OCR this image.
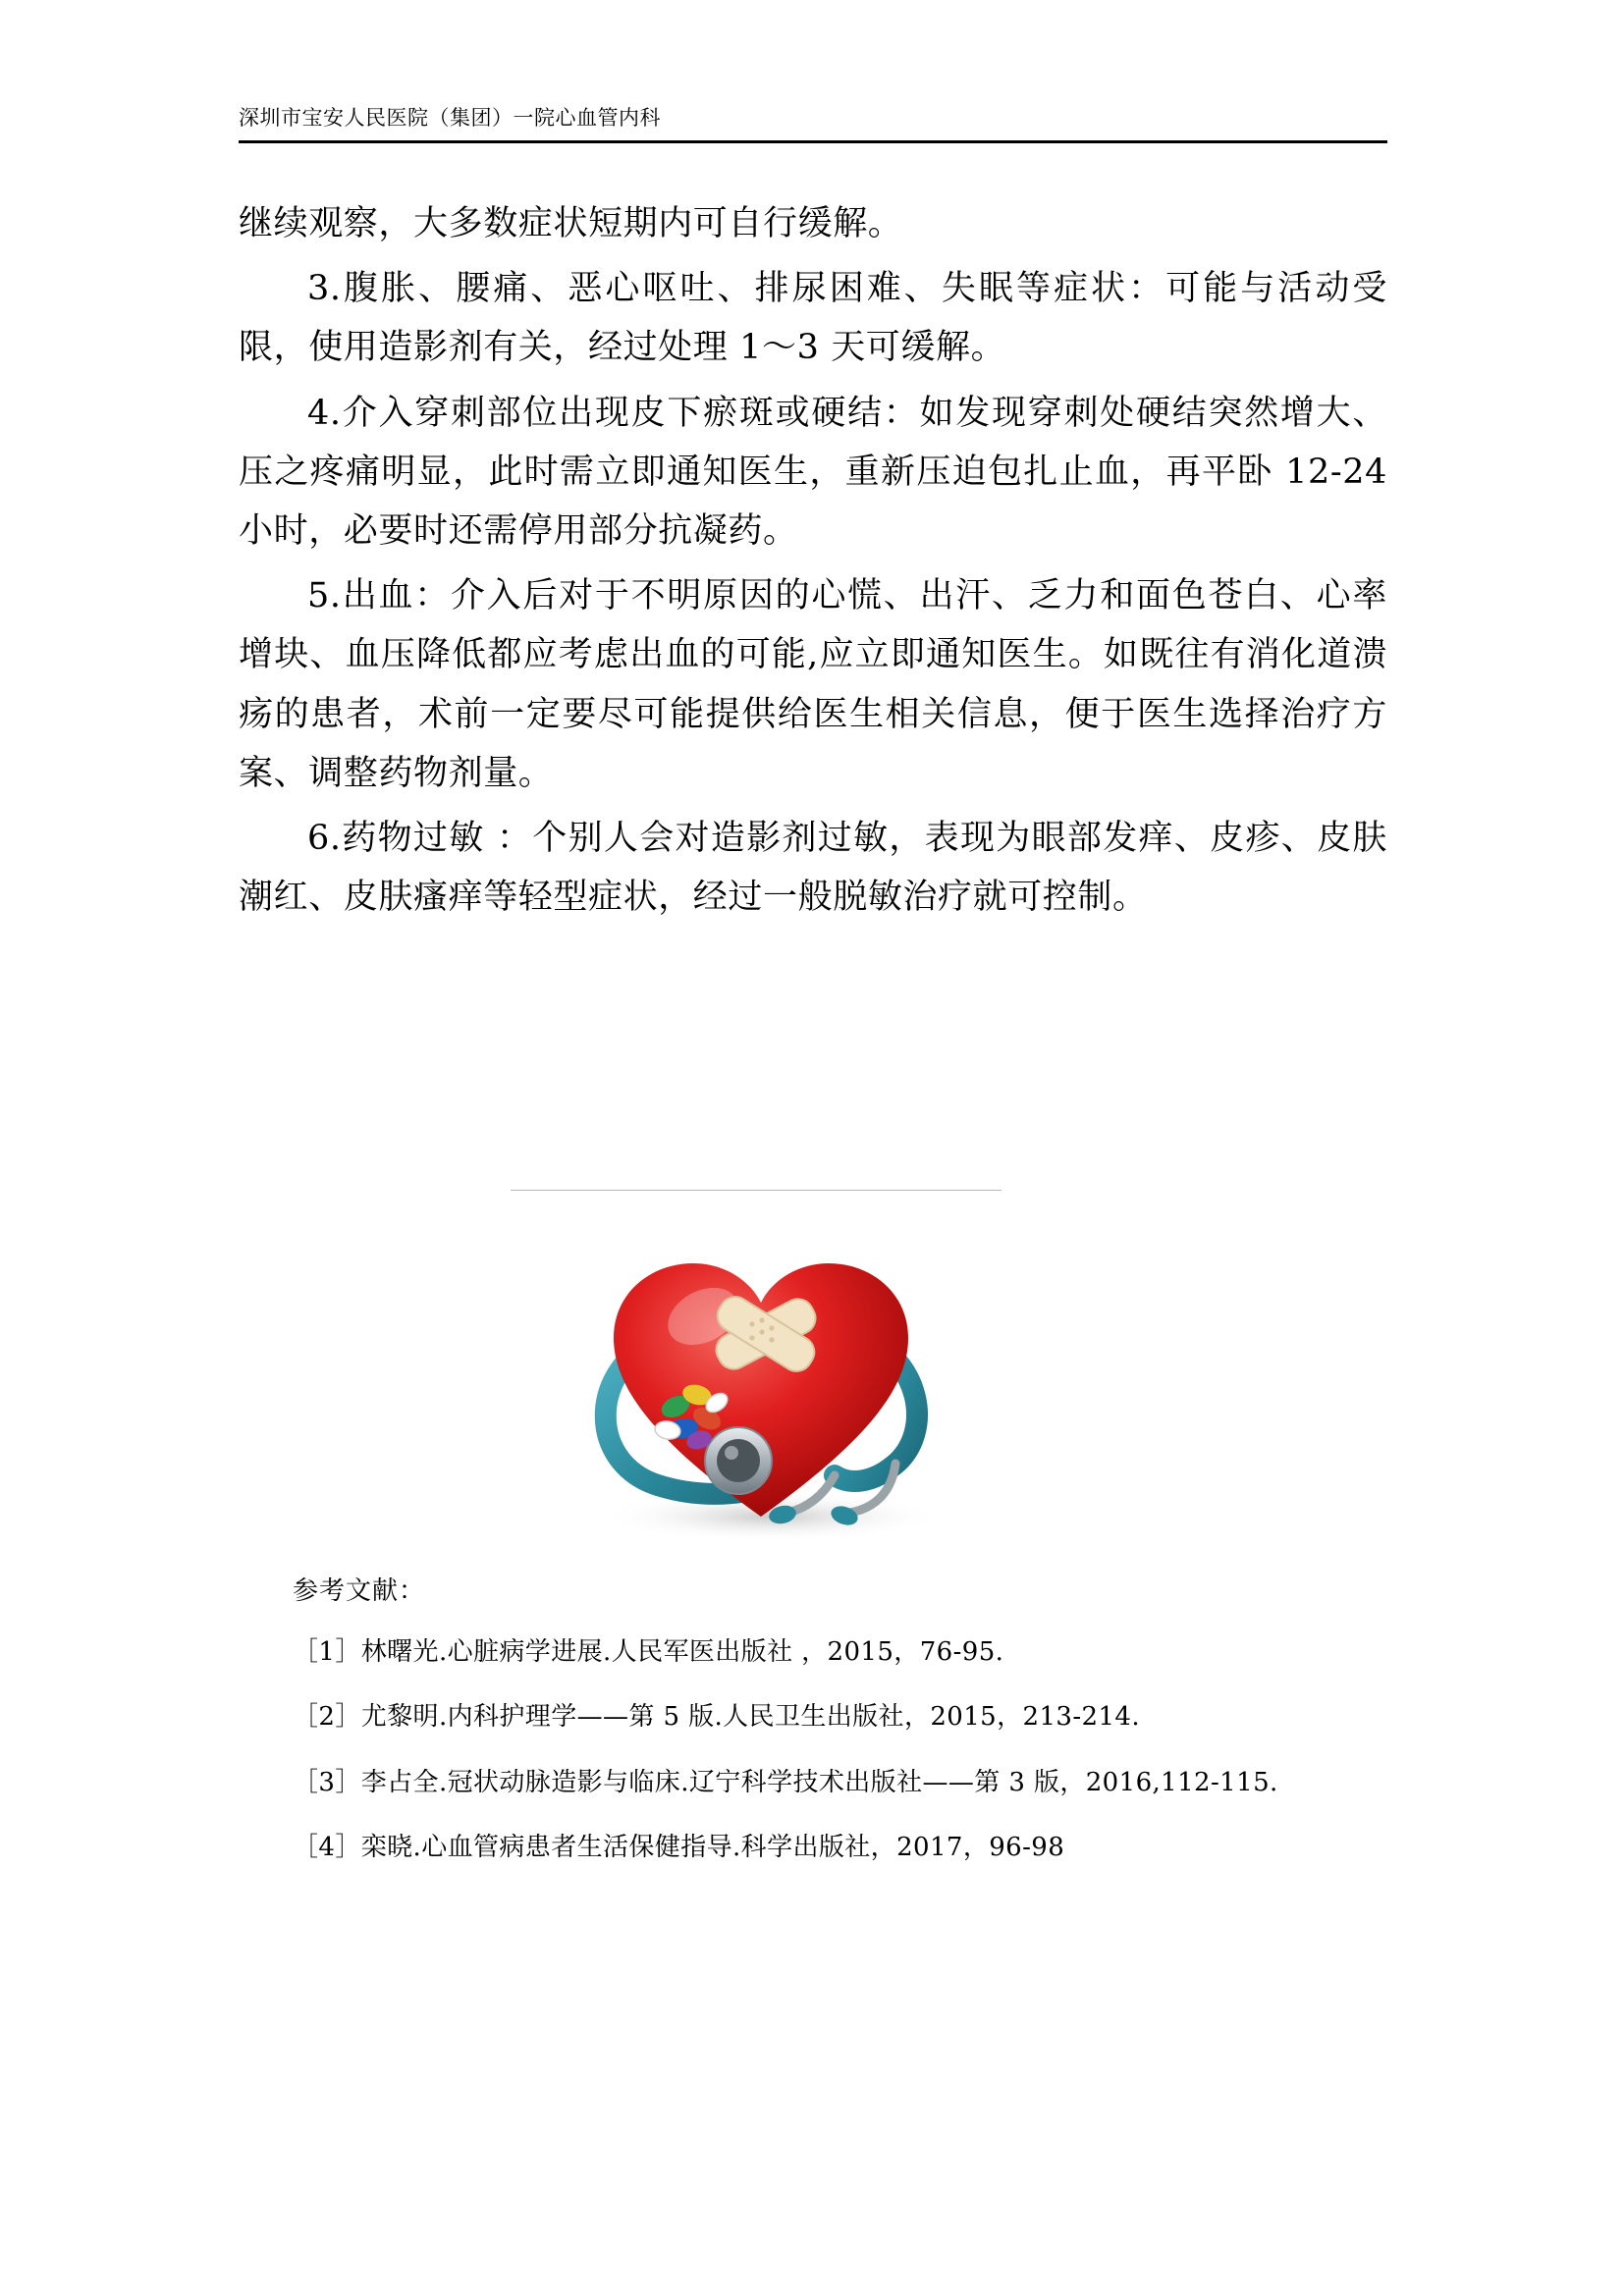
深圳市宝安人民医院（集团）一院心血管内科

继续观察，大多数症状短期内可自行缓解。

3.腹胀、腰痛、恶心呕吐、排尿困难、失眠等症状：可能与活动受限，使用造影剂有关，经过处理 1～3 天可缓解。

4.介入穿刺部位出现皮下瘀斑或硬结：如发现穿刺处硬结突然增大、压之疼痛明显，此时需立即通知医生，重新压迫包扎止血，再平卧 12-24 小时，必要时还需停用部分抗凝药。

5.出血：介入后对于不明原因的心慌、出汗、乏力和面色苍白、心率增块、血压降低都应考虑出血的可能,应立即通知医生。如既往有消化道溃疡的患者，术前一定要尽可能提供给医生相关信息，便于医生选择治疗方案、调整药物剂量。

6.药物过敏 ：个别人会对造影剂过敏，表现为眼部发痒、皮疹、皮肤潮红、皮肤瘙痒等轻型症状，经过一般脱敏治疗就可控制。

参考文献：

［1］林曙光.心脏病学进展.人民军医出版社 ，2015，76-95.

［2］尤黎明.内科护理学——第 5 版.人民卫生出版社，2015，213-214.

［3］李占全.冠状动脉造影与临床.辽宁科学技术出版社——第 3 版，2016,112-115.

［4］栾晓.心血管病患者生活保健指导.科学出版社，2017，96-98
